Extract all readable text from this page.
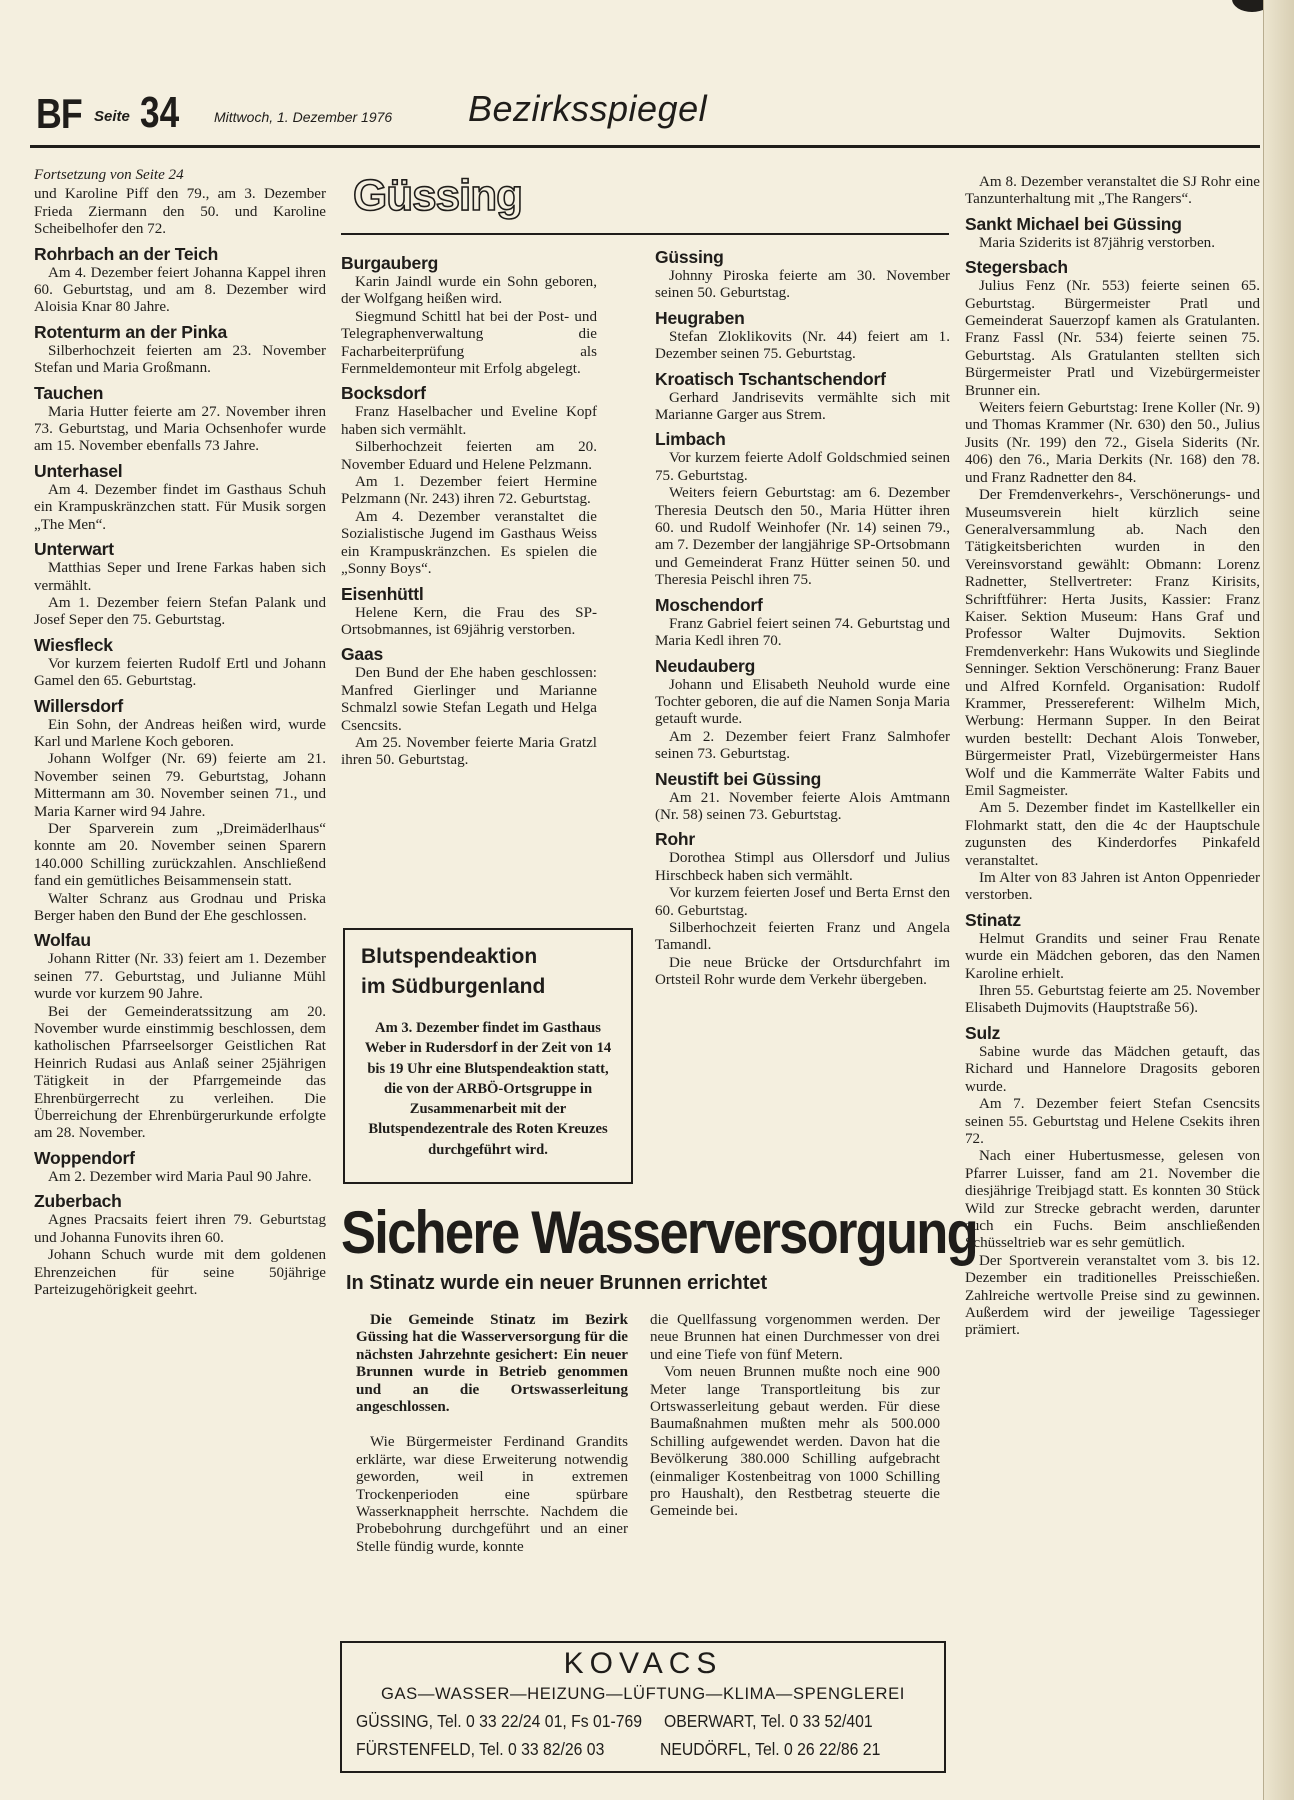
BF Seite 34 Mittwoch, 1. Dezember 1976 Bezirksspiegel

Fortsetzung von Seite 24

und Karoline Piff den 79., am 3. Dezember Frieda Ziermann den 50. und Karoline Scheibelhofer den 72.

Rohrbach an der Teich

Am 4. Dezember feiert Johanna Kappel ihren 60. Geburtstag, und am 8. Dezember wird Aloisia Knar 80 Jahre.

Rotenturm an der Pinka

Silberhochzeit feierten am 23. November Stefan und Maria Großmann.

Tauchen

Maria Hutter feierte am 27. November ihren 73. Geburtstag, und Maria Ochsenhofer wurde am 15. November ebenfalls 73 Jahre.

Unterhasel

Am 4. Dezember findet im Gasthaus Schuh ein Krampuskränzchen statt. Für Musik sorgen „The Men“.

Unterwart

Matthias Seper und Irene Farkas haben sich vermählt.

Am 1. Dezember feiern Stefan Palank und Josef Seper den 75. Geburtstag.

Wiesfleck

Vor kurzem feierten Rudolf Ertl und Johann Gamel den 65. Geburtstag.

Willersdorf

Ein Sohn, der Andreas heißen wird, wurde Karl und Marlene Koch geboren.

Johann Wolfger (Nr. 69) feierte am 21. November seinen 79. Geburtstag, Johann Mittermann am 30. November seinen 71., und Maria Karner wird 94 Jahre.

Der Sparverein zum „Dreimäderlhaus“ konnte am 20. November seinen Sparern 140.000 Schilling zurückzahlen. Anschließend fand ein gemütliches Beisammensein statt.

Walter Schranz aus Grodnau und Priska Berger haben den Bund der Ehe geschlossen.

Wolfau

Johann Ritter (Nr. 33) feiert am 1. Dezember seinen 77. Geburtstag, und Julianne Mühl wurde vor kurzem 90 Jahre.

Bei der Gemeinderatssitzung am 20. November wurde einstimmig beschlossen, dem katholischen Pfarrseelsorger Geistlichen Rat Heinrich Rudasi aus Anlaß seiner 25jährigen Tätigkeit in der Pfarrgemeinde das Ehrenbürgerrecht zu verleihen. Die Überreichung der Ehrenbürgerurkunde erfolgte am 28. November.

Woppendorf

Am 2. Dezember wird Maria Paul 90 Jahre.

Zuberbach

Agnes Pracsaits feiert ihren 79. Geburtstag und Johanna Funovits ihren 60.

Johann Schuch wurde mit dem goldenen Ehrenzeichen für seine 50jährige Parteizugehörigkeit geehrt.

Güssing
Burgauberg

Karin Jaindl wurde ein Sohn geboren, der Wolfgang heißen wird.

Siegmund Schittl hat bei der Post- und Telegraphenverwaltung die Facharbeiterprüfung als Fernmeldemonteur mit Erfolg abgelegt.

Bocksdorf

Franz Haselbacher und Eveline Kopf haben sich vermählt.

Silberhochzeit feierten am 20. November Eduard und Helene Pelzmann.

Am 1. Dezember feiert Hermine Pelzmann (Nr. 243) ihren 72. Geburtstag.

Am 4. Dezember veranstaltet die Sozialistische Jugend im Gasthaus Weiss ein Krampuskränzchen. Es spielen die „Sonny Boys“.

Eisenhüttl

Helene Kern, die Frau des SP-Ortsobmannes, ist 69jährig verstorben.

Gaas

Den Bund der Ehe haben geschlossen: Manfred Gierlinger und Marianne Schmalzl sowie Stefan Legath und Helga Csencsits.

Am 25. November feierte Maria Gratzl ihren 50. Geburtstag.

Blutspendeaktion
im Südburgenland
Am 3. Dezember findet im Gasthaus Weber in Rudersdorf in der Zeit von 14 bis 19 Uhr eine Blutspendeaktion statt, die von der ARBÖ-Ortsgruppe in Zusammenarbeit mit der Blutspendezentrale des Roten Kreuzes durchgeführt wird.
Güssing

Johnny Piroska feierte am 30. November seinen 50. Geburtstag.

Heugraben

Stefan Zloklikovits (Nr. 44) feiert am 1. Dezember seinen 75. Geburtstag.

Kroatisch Tschantschendorf

Gerhard Jandrisevits vermählte sich mit Marianne Garger aus Strem.

Limbach

Vor kurzem feierte Adolf Goldschmied seinen 75. Geburtstag.

Weiters feiern Geburtstag: am 6. Dezember Theresia Deutsch den 50., Maria Hütter ihren 60. und Rudolf Weinhofer (Nr. 14) seinen 79., am 7. Dezember der langjährige SP-Ortsobmann und Gemeinderat Franz Hütter seinen 50. und Theresia Peischl ihren 75.

Moschendorf

Franz Gabriel feiert seinen 74. Geburtstag und Maria Kedl ihren 70.

Neudauberg

Johann und Elisabeth Neuhold wurde eine Tochter geboren, die auf die Namen Sonja Maria getauft wurde.

Am 2. Dezember feiert Franz Salmhofer seinen 73. Geburtstag.

Neustift bei Güssing

Am 21. November feierte Alois Amtmann (Nr. 58) seinen 73. Geburtstag.

Rohr

Dorothea Stimpl aus Ollersdorf und Julius Hirschbeck haben sich vermählt.

Vor kurzem feierten Josef und Berta Ernst den 60. Geburtstag.

Silberhochzeit feierten Franz und Angela Tamandl.

Die neue Brücke der Ortsdurchfahrt im Ortsteil Rohr wurde dem Verkehr übergeben.

Am 8. Dezember veranstaltet die SJ Rohr eine Tanzunterhaltung mit „The Rangers“.

Sankt Michael bei Güssing

Maria Sziderits ist 87jährig verstorben.

Stegersbach

Julius Fenz (Nr. 553) feierte seinen 65. Geburtstag. Bürgermeister Pratl und Gemeinderat Sauerzopf kamen als Gratulanten. Franz Fassl (Nr. 534) feierte seinen 75. Geburtstag. Als Gratulanten stellten sich Bürgermeister Pratl und Vizebürgermeister Brunner ein.

Weiters feiern Geburtstag: Irene Koller (Nr. 9) und Thomas Krammer (Nr. 630) den 50., Julius Jusits (Nr. 199) den 72., Gisela Siderits (Nr. 406) den 76., Maria Derkits (Nr. 168) den 78. und Franz Radnetter den 84.

Der Fremdenverkehrs-, Verschönerungs- und Museumsverein hielt kürzlich seine Generalversammlung ab. Nach den Tätigkeitsberichten wurden in den Vereinsvorstand gewählt: Obmann: Lorenz Radnetter, Stellvertreter: Franz Kirisits, Schriftführer: Herta Jusits, Kassier: Franz Kaiser. Sektion Museum: Hans Graf und Professor Walter Dujmovits. Sektion Fremdenverkehr: Hans Wukowits und Sieglinde Senninger. Sektion Verschönerung: Franz Bauer und Alfred Kornfeld. Organisation: Rudolf Krammer, Pressereferent: Wilhelm Mich, Werbung: Hermann Supper. In den Beirat wurden bestellt: Dechant Alois Tonweber, Bürgermeister Pratl, Vizebürgermeister Hans Wolf und die Kammerräte Walter Fabits und Emil Sagmeister.

Am 5. Dezember findet im Kastellkeller ein Flohmarkt statt, den die 4c der Hauptschule zugunsten des Kinderdorfes Pinkafeld veranstaltet.

Im Alter von 83 Jahren ist Anton Oppenrieder verstorben.

Stinatz

Helmut Grandits und seiner Frau Renate wurde ein Mädchen geboren, das den Namen Karoline erhielt.

Ihren 55. Geburtstag feierte am 25. November Elisabeth Dujmovits (Hauptstraße 56).

Sulz

Sabine wurde das Mädchen getauft, das Richard und Hannelore Dragosits geboren wurde.

Am 7. Dezember feiert Stefan Csencsits seinen 55. Geburtstag und Helene Csekits ihren 72.

Nach einer Hubertusmesse, gelesen von Pfarrer Luisser, fand am 21. November die diesjährige Treibjagd statt. Es konnten 30 Stück Wild zur Strecke gebracht werden, darunter auch ein Fuchs. Beim anschließenden Schüsseltrieb war es sehr gemütlich.

Der Sportverein veranstaltet vom 3. bis 12. Dezember ein traditionelles Preisschießen. Zahlreiche wertvolle Preise sind zu gewinnen. Außerdem wird der jeweilige Tagessieger prämiert.

Sichere Wasserversorgung
In Stinatz wurde ein neuer Brunnen errichtet

Die Gemeinde Stinatz im Bezirk Güssing hat die Wasserversorgung für die nächsten Jahrzehnte gesichert: Ein neuer Brunnen wurde in Betrieb genommen und an die Ortswasserleitung angeschlossen.

Wie Bürgermeister Ferdinand Grandits erklärte, war diese Erweiterung notwendig geworden, weil in extremen Trockenperioden eine spürbare Wasserknappheit herrschte. Nachdem die Probebohrung durchgeführt und an einer Stelle fündig wurde, konnte

die Quellfassung vorgenommen werden. Der neue Brunnen hat einen Durchmesser von drei und eine Tiefe von fünf Metern.

Vom neuen Brunnen mußte noch eine 900 Meter lange Transportleitung bis zur Ortswasserleitung gebaut werden. Für diese Baumaßnahmen mußten mehr als 500.000 Schilling aufgewendet werden. Davon hat die Bevölkerung 380.000 Schilling aufgebracht (einmaliger Kostenbeitrag von 1000 Schilling pro Haushalt), den Restbetrag steuerte die Gemeinde bei.

KOVACS
GAS—WASSER—HEIZUNG—LÜFTUNG—KLIMA—SPENGLEREI
GÜSSING, Tel. 0 33 22/24 01, Fs 01-769 OBERWART, Tel. 0 33 52/401
FÜRSTENFELD, Tel. 0 33 82/26 03	NEUDÖRFL, Tel. 0 26 22/86 21
